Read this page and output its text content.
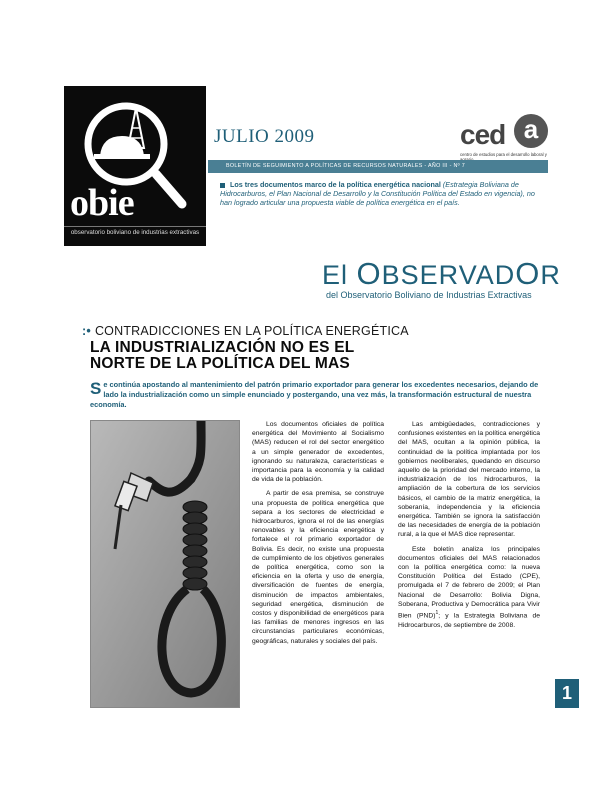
obie
observatorio boliviano de industrias extractivas
JULIO 2009	ced a
centro de estudios para el desarrollo laboral y
BOLETÍN DE SEGUIMIENTO A POLÍTICAS DE RECURSOS NATURALES - AÑO III - Nº 7
Los tres documentos marco de la política energética nacional (Estrategia Boliviana de Hidrocarburos, el Plan Nacional de Desarrollo y la Constitución Política del Estado en vigencia), no han logrado articular una propuesta viable de política energética en el país.
El OBSERVADOR
del Observatorio Boliviano de Industrias Extractivas
:• CONTRADICCIONES EN LA POLÍTICA ENERGÉTICA
LA INDUSTRIALIZACIÓN NO ES EL
NORTE DE LA POLÍTICA DEL MAS
Se continúa apostando al mantenimiento del patrón primario exportador para generar los excedentes necesarios, dejando de lado la industrialización como un simple enunciado y postergando, una vez más, la transformación estructural de nuestra economía.

Los documentos oficiales de política energética del Movimiento al Socialismo (MAS) reducen el rol del sector energético a un simple generador de excedentes, ignorando su naturaleza, características e importancia para la economía y la calidad de vida de la población.

A partir de esa premisa, se construye una propuesta de política energética que separa a los sectores de electricidad e hidrocarburos, ignora el rol de las energías renovables y la eficiencia energética y fortalece el rol primario exportador de Bolivia. Es decir, no existe una propuesta de cumplimiento de los objetivos generales de política energética, como son la eficiencia en la oferta y uso de energía, diversificación de fuentes de energía, disminución de impactos ambientales, seguridad energética, disminución de costos y disponibilidad de energéticos para las familias de menores ingresos en las circunstancias particulares económicas, geográficas, naturales y sociales del país.

Las ambigüedades, contradicciones y confusiones existentes en la política energética del MAS, ocultan a la opinión pública, la continuidad de la política implantada por los gobiernos neoliberales, quedando en discurso aquello de la prioridad del mercado interno, la industrialización de los hidrocarburos, la ampliación de la cobertura de los servicios básicos, el cambio de la matriz energética, la soberanía, independencia y la eficiencia energética. También se ignora la satisfacción de las necesidades de energía de la población rural, a la que el MAS dice representar.

Este boletín analiza los principales documentos oficiales del MAS relacionados con la política energética como: la nueva Constitución Política del Estado (CPE), promulgada el 7 de febrero de 2009; el Plan Nacional de Desarrollo: Bolivia Digna, Soberana, Productiva y Democrática para Vivir Bien (PND)$^1$; y la Estrategia Boliviana de Hidrocarburos, de septiembre de 2008.

1
